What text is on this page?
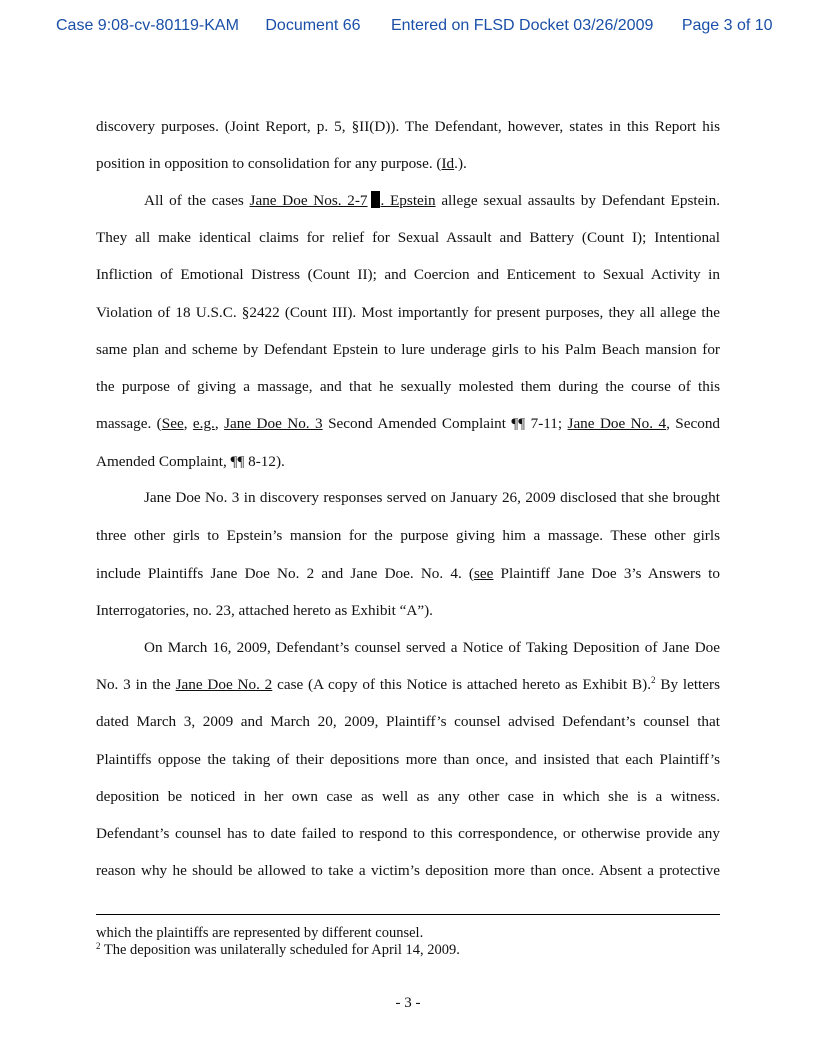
Case 9:08-cv-80119-KAM Document 66 Entered on FLSD Docket 03/26/2009 Page 3 of 10
discovery purposes. (Joint Report, p. 5, §II(D)). The Defendant, however, states in this Report his
position in opposition to consolidation for any purpose. (Id.).
All of the cases Jane Doe Nos. 2-7 . Epstein allege sexual assaults by Defendant Epstein.
They all make identical claims for relief for Sexual Assault and Battery (Count I); Intentional
Infliction of Emotional Distress (Count II); and Coercion and Enticement to Sexual Activity in
Violation of 18 U.S.C. §2422 (Count III). Most importantly for present purposes, they all allege the
same plan and scheme by Defendant Epstein to lure underage girls to his Palm Beach mansion for
the purpose of giving a massage, and that he sexually molested them during the course of this
massage. (See, e.g., Jane Doe No. 3 Second Amended Complaint ¶¶ 7-11; Jane Doe No. 4, Second
Amended Complaint, ¶¶ 8-12).
Jane Doe No. 3 in discovery responses served on January 26, 2009 disclosed that she brought
three other girls to Epstein’s mansion for the purpose giving him a massage. These other girls
include Plaintiffs Jane Doe No. 2 and Jane Doe. No. 4. (see Plaintiff Jane Doe 3’s Answers to
Interrogatories, no. 23, attached hereto as Exhibit “A”).
On March 16, 2009, Defendant’s counsel served a Notice of Taking Deposition of Jane Doe
No. 3 in the Jane Doe No. 2 case (A copy of this Notice is attached hereto as Exhibit B).$^2$ By letters
dated March 3, 2009 and March 20, 2009, Plaintiff’s counsel advised Defendant’s counsel that
Plaintiffs oppose the taking of their depositions more than once, and insisted that each Plaintiff’s
deposition be noticed in her own case as well as any other case in which she is a witness.
Defendant’s counsel has to date failed to respond to this correspondence, or otherwise provide any
reason why he should be allowed to take a victim’s deposition more than once. Absent a protective
which the plaintiffs are represented by different counsel.
$^2$ The deposition was unilaterally scheduled for April 14, 2009.
- 3 -
